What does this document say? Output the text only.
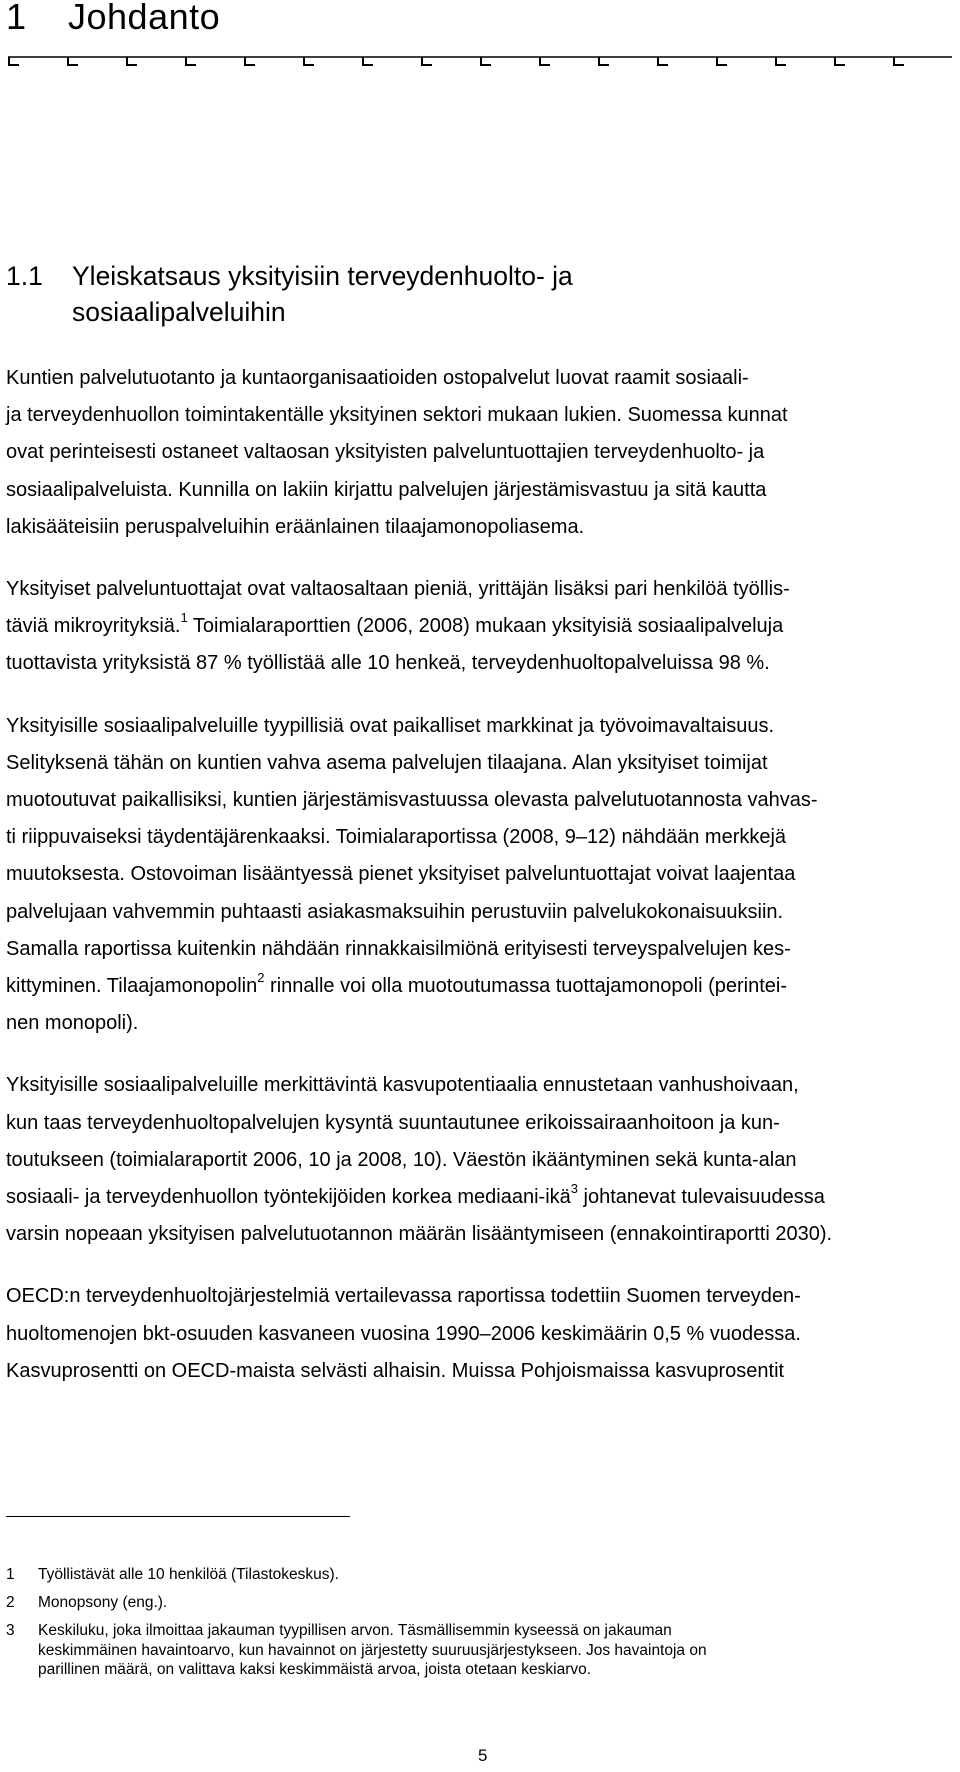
1 Johdanto
1.1 Yleiskatsaus yksityisiin terveydenhuolto- ja
sosiaalipalveluihin

Kuntien palvelutuotanto ja kuntaorganisaatioiden ostopalvelut luovat raamit sosiaali-
ja terveydenhuollon toimintakentälle yksityinen sektori mukaan lukien. Suomessa kunnat
ovat perinteisesti ostaneet valtaosan yksityisten palveluntuottajien terveydenhuolto- ja
sosiaalipalveluista. Kunnilla on lakiin kirjattu palvelujen järjestämisvastuu ja sitä kautta
lakisääteisiin peruspalveluihin eräänlainen tilaajamonopoliasema.

Yksityiset palveluntuottajat ovat valtaosaltaan pieniä, yrittäjän lisäksi pari henkilöä työllis-
täviä mikroyrityksiä.$^1$ Toimialaraporttien (2006, 2008) mukaan yksityisiä sosiaalipalveluja
tuottavista yrityksistä 87 % työllistää alle 10 henkeä, terveydenhuoltopalveluissa 98 %.

Yksityisille sosiaalipalveluille tyypillisiä ovat paikalliset markkinat ja työvoimavaltaisuus.
Selityksenä tähän on kuntien vahva asema palvelujen tilaajana. Alan yksityiset toimijat
muotoutuvat paikallisiksi, kuntien järjestämisvastuussa olevasta palvelutuotannosta vahvas-
ti riippuvaiseksi täydentäjärenkaaksi. Toimialaraportissa (2008, 9–12) nähdään merkkejä
muutoksesta. Ostovoiman lisääntyessä pienet yksityiset palveluntuottajat voivat laajentaa
palvelujaan vahvemmin puhtaasti asiakasmaksuihin perustuviin palvelukokonaisuuksiin.
Samalla raportissa kuitenkin nähdään rinnakkaisilmiönä erityisesti terveyspalvelujen kes-
kittyminen. Tilaajamonopolin$^2$ rinnalle voi olla muotoutumassa tuottajamonopoli (perintei-
nen monopoli).

Yksityisille sosiaalipalveluille merkittävintä kasvupotentiaalia ennustetaan vanhushoivaan,
kun taas terveydenhuoltopalvelujen kysyntä suuntautunee erikoissairaanhoitoon ja kun-
toutukseen (toimialaraportit 2006, 10 ja 2008, 10). Väestön ikääntyminen sekä kunta-alan
sosiaali- ja terveydenhuollon työntekijöiden korkea mediaani-ikä$^3$ johtanevat tulevaisuudessa
varsin nopeaan yksityisen palvelutuotannon määrän lisääntymiseen (ennakointiraportti 2030).

OECD:n terveydenhuoltojärjestelmiä vertailevassa raportissa todettiin Suomen terveyden-
huoltomenojen bkt-osuuden kasvaneen vuosina 1990–2006 keskimäärin 0,5 % vuodessa.
Kasvuprosentti on OECD-maista selvästi alhaisin. Muissa Pohjoismaissa kasvuprosentit

1 Työllistävät alle 10 henkilöä (Tilastokeskus).
2 Monopsony (eng.).
3 Keskiluku, joka ilmoittaa jakauman tyypillisen arvon. Täsmällisemmin kyseessä on jakauman
keskimmäinen havaintoarvo, kun havainnot on järjestetty suuruusjärjestykseen. Jos havaintoja on
parillinen määrä, on valittava kaksi keskimmäistä arvoa, joista otetaan keskiarvo.
5
